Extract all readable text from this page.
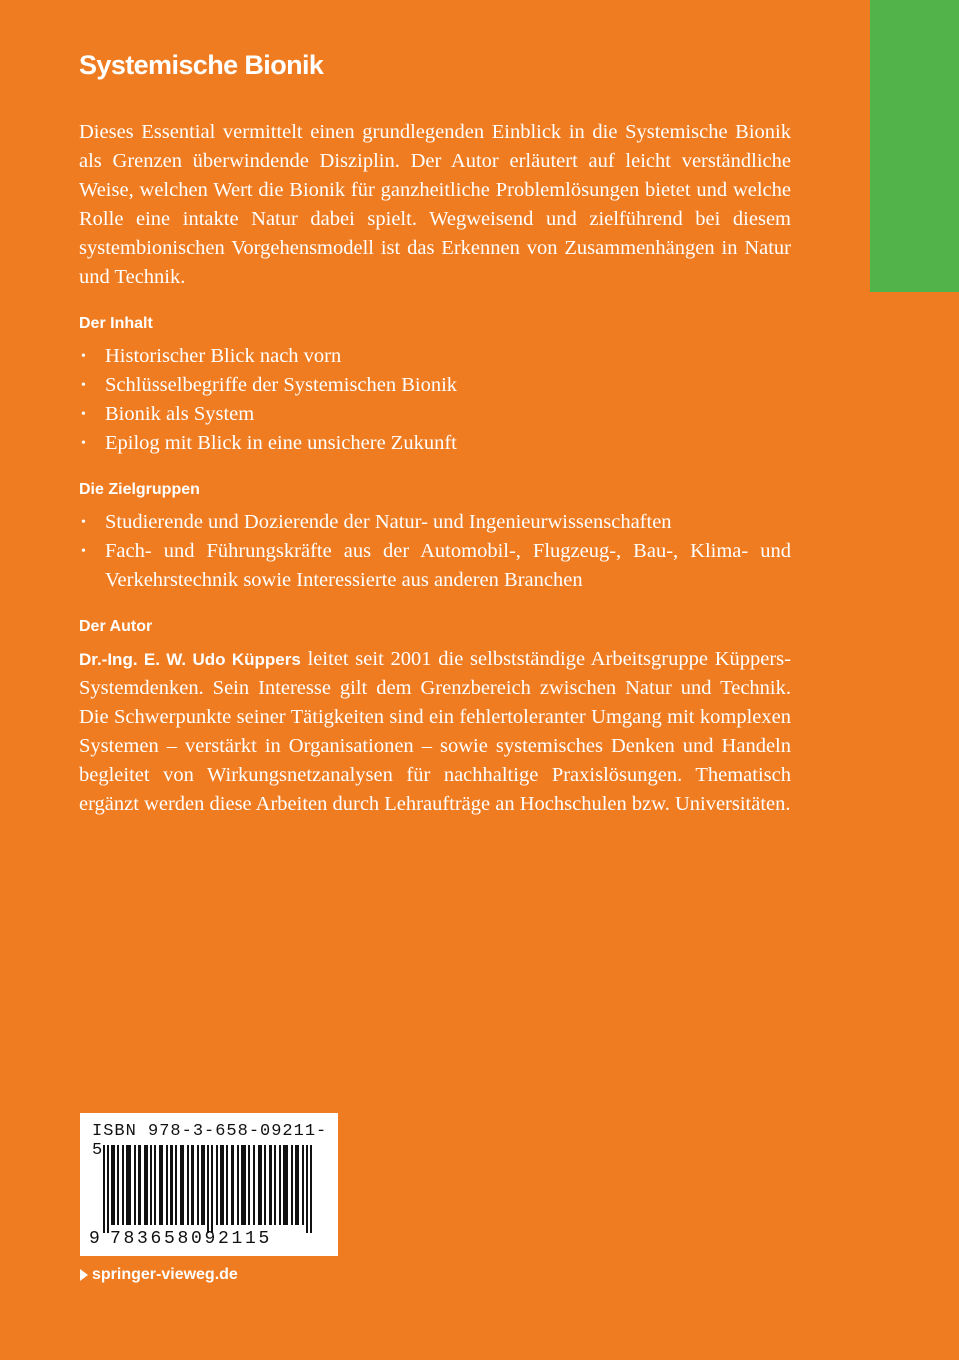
Systemische Bionik

Dieses Essential vermittelt einen grundlegenden Einblick in die Systemische Bionik als Grenzen überwindende Disziplin. Der Autor erläutert auf leicht verständliche Weise, welchen Wert die Bionik für ganzheitliche Problemlösungen bietet und welche Rolle eine intakte Natur dabei spielt. Wegweisend und zielführend bei diesem systembionischen Vorgehensmodell ist das Erkennen von Zusammenhängen in Natur und Technik.

Der Inhalt
• Historischer Blick nach vorn
• Schlüsselbegriffe der Systemischen Bionik
• Bionik als System
• Epilog mit Blick in eine unsichere Zukunft
Die Zielgruppen
• Studierende und Dozierende der Natur- und Ingenieurwissenschaften
• Fach- und Führungskräfte aus der Automobil-, Flugzeug-, Bau-, Klima- und Verkehrstechnik sowie Interessierte aus anderen Branchen
Der Autor

Dr.-Ing. E. W. Udo Küppers leitet seit 2001 die selbstständige Arbeitsgruppe Küppers-Systemdenken. Sein Interesse gilt dem Grenzbereich zwischen Natur und Technik. Die Schwerpunkte seiner Tätigkeiten sind ein fehlertoleranter Umgang mit komplexen Systemen – verstärkt in Organisationen – sowie systemisches Denken und Handeln begleitet von Wirkungsnetzanalysen für nachhaltige Praxislösungen. Thematisch ergänzt werden diese Arbeiten durch Lehraufträge an Hochschulen bzw. Universitäten.

ISBN 978-3-658-09211-5
9 783658092115
springer-vieweg.de
